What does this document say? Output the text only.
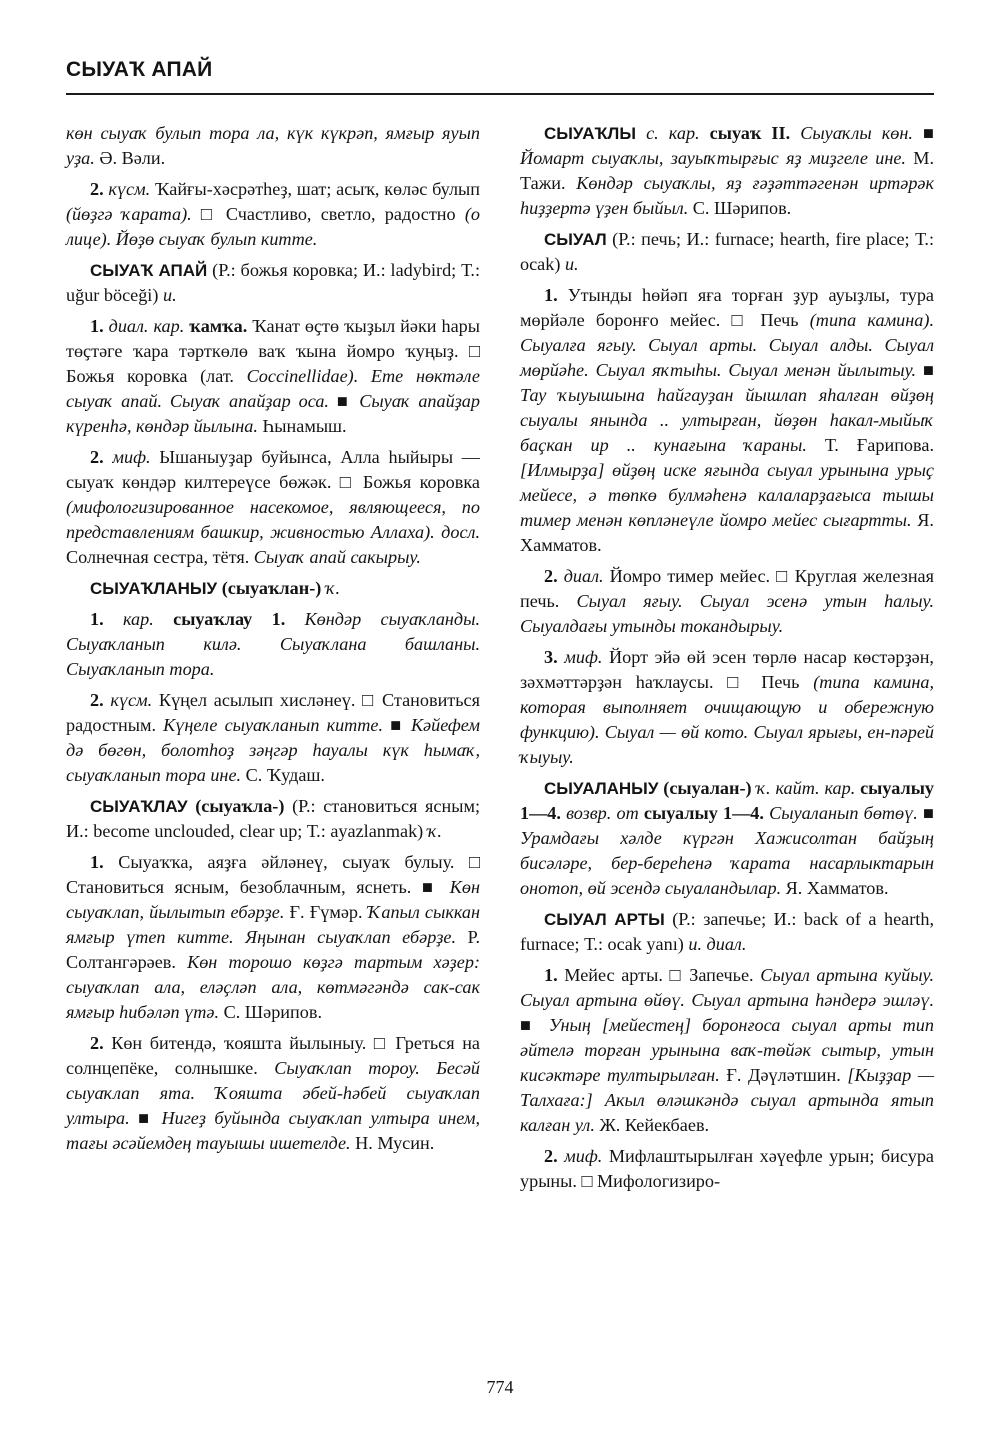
СЫУАҠ АПАЙ

көн сыуаҡ булып тора ла, күк күкрәп, ямғыр яуып уҙа. Ә. Вәли.

2. күсм. Ҡайғы-хәсрәтһеҙ, шат; асыҡ, көләс булып (йөҙгә ҡарата). □ Счастливо, светло, радостно (о лице). Йөҙө сыуаҡ булып китте.

СЫУАҠ АПАЙ (Р.: божья коровка; И.: ladybird; Т.: uğur böceği) и.

1. диал. кар. ҡамҡа. Ҡанат өҫтө ҡыҙыл йәки һары төҫтәге ҡара тәрткөлө ваҡ ҡына йомро ҡуңыҙ. □ Божья коровка (лат. Coccinellidae). Ете нөктәле сыуаҡ апай. Сыуаҡ апайҙар оса. ■ Сыуаҡ апайҙар күренһә, көндәр йылына. Һынамыш.

2. миф. Ышаныуҙар буйынса, Алла һыйыры — сыуаҡ көндәр килтереүсе бөжәк. □ Божья коровка (мифологизированное насекомое, являющееся, по представлениям башкир, живностью Аллаха). досл. Солнечная сестра, тётя. Сыуаҡ апай сакырыу.

СЫУАҠЛАНЫУ (сыуаҡлан-) ҡ.

1. кар. сыуаҡлау 1. Көндәр сыуаҡланды. Сыуаҡланып килә. Сыуаҡлана башланы. Сыуаҡланып тора.

2. күсм. Күңел асылып хисләнеү. □ Становиться радостным. Күңеле сыуаҡланып китте. ■ Кәйефем дә бөгөн, болотһоҙ зәңгәр һауалы күк һымаҡ, сыуаҡланып тора ине. С. Ҡудаш.

СЫУАҠЛАУ (сыуаҡла-) (Р.: становиться ясным; И.: become unclouded, clear up; Т.: ayazlanmak) ҡ.

1. Сыуаҡҡа, аяҙға әйләнеү, сыуаҡ булыу. □ Становиться ясным, безоблачным, яснеть. ■ Көн сыуаҡлап, йылытып ебәрҙе. Ғ. Ғүмәр. Ҡапыл сыккан ямғыр үтеп китте. Яңынан сыуаҡлап ебәрҙе. Р. Солтангәрәев. Көн торошо көҙгә тартым хәҙер: сыуаҡлап ала, еләҫләп ала, көтмәгәндә сак-сак ямғыр һибәләп үтә. С. Шәрипов.

2. Көн битендә, ҡояшта йылыныу. □ Греться на солнцепёке, солнышке. Сыуаҡлап тороу. Бесәй сыуаҡлап ята. Ҡояшта әбей-һәбей сыуаҡлап ултыра. ■ Нигеҙ буйында сыуаҡлап ултыра инем, тағы әсәйемдең тауышы ишетелде. Н. Мусин.

СЫУАҠЛЫ с. кар. сыуаҡ II. Сыуаҡлы көн. ■ Йомарт сыуаҡлы, зауыҡтырғыс яҙ миҙгеле ине. М. Тажи. Көндәр сыуаҡлы, яҙ ғәҙәттәгенән иртәрәк һиҙҙертә үҙен быйыл. С. Шәрипов.

СЫУАЛ (Р.: печь; И.: furnace; hearth, fire place; Т.: ocak) и.

1. Утынды һөйәп яға торған ҙур ауыҙлы, тура мөрйәле боронғо мейес. □ Печь (типа камина). Сыуалға ягыу. Сыуал арты. Сыуал алды. Сыуал мөрйәһе. Сыуал яҡтыһы. Сыуал менән йылытыу. ■ Тау ҡыуышына һайгауҙан йышлап яһалған өйҙөң сыуалы янында .. ултырған, йөҙөн һакал-мыйыҡ баҫкан ир .. кунағына ҡараны. Т. Ғарипова. [Илмырҙа] өйҙөң иске яғында сыуал урынына урыҫ мейесе, ә төпкө булмәһенә калаларҙағыса тышы тимер менән көпләнеүле йомро мейес сығартты. Я. Хамматов.

2. диал. Йомро тимер мейес. □ Круглая железная печь. Сыуал яғыу. Сыуал эсенә утын һалыу. Сыуалдағы утынды токандырыу.

3. миф. Йорт эйә өй эсен төрлө насар көстәрҙән, зәхмәттәрҙән һаҡлаусы. □ Печь (типа камина, которая выполняет очищающую и обережную функцию). Сыуал — өй кото. Сыуал ярығы, ен-пәрей ҡыуыу.

СЫУАЛАНЫУ (сыуалан-) ҡ. кайт. кар. сыуалыу 1—4. возвр. от сыуалыу 1—4. Сыуаланып бөтөү. ■ Урамдағы хәлде күргән Хажисолтан байҙың бисәләре, бер-береһенә ҡарата насарлыктарын онотоп, өй эсендә сыуаландылар. Я. Хамматов.

СЫУАЛ АРТЫ (Р.: запечье; И.: back of a hearth, furnace; Т.: ocak yanı) и. диал.

1. Мейес арты. □ Запечье. Сыуал артына куйыу. Сыуал артына өйөү. Сыуал артына һәндерә эшләү. ■ Уның [мейестең] боронғоса сыуал арты тип әйтелә торған урынына ваҡ-төйәк сытыр, утын кисәктәре тултырылған. Ғ. Дәүләтшин. [Кыҙҙар — Талхаға:] Акыл өләшкәндә сыуал артында ятып калған ул. Ж. Кейекбаев.

2. миф. Мифлаштырылған хәүефле урын; бисура урыны. □ Мифологизиро-

774
